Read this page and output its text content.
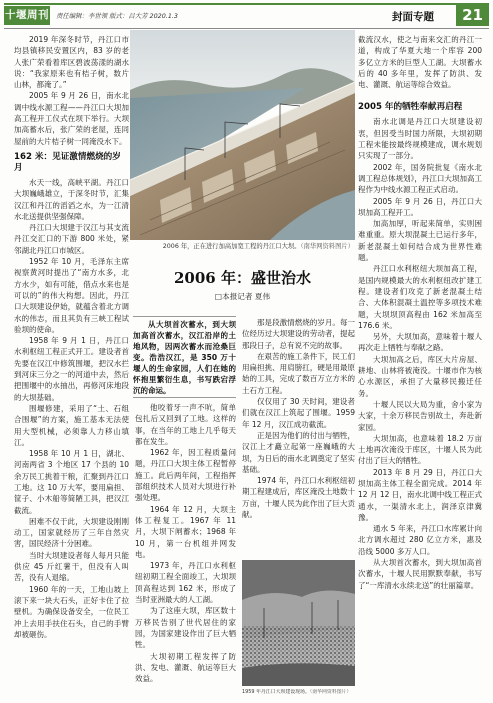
十堰周刊 责任编辑：李世领 版式：吕大芳 2020.1.3	封面专题	21

2019 年深冬时节，丹江口市均县镇移民安置区内，83 岁的老人张广荣看着库区碧波荡漾的湖水说：“我家原来也有桔子树，数片山林，都淹了。”

2005 年 9 月 26 日，南水北调中线水源工程——丹江口大坝加高工程开工仪式在坝下举行。大坝加高蓄水后，张广荣的老屋，连同屋前的大片桔子树一同淹没水下。

162 米：见证激情燃烧的岁月

水天一线，高峡平湖。丹江口大坝巍峨雄立，于深冬时节，汇集汉江和丹江的滔滔之水，为一江清水北送提供坚强保障。

丹江口大坝建于汉江与其支流丹江交汇口的下游 800 米处，紧邻湖北丹江口市城区。

1952 年 10 月，毛泽东主席视察黄河时提出了“南方水多，北方水少，如有可能，借点水来也是可以的”的伟大构想。因此，丹江口大坝建设伊始，就蕴含着北方调水的伟志，而且其负有三峡工程试验坝的使命。

1958 年 9 月 1 日，丹江口水利枢纽工程正式开工。建设者首先要在汉江中修筑围堰，把汉水拦到河床三分之一的河道中去，然后把围堰中的水抽出，再修河床地段的大坝基础。

围堰修建，采用了“土、石组合围堰”的方案，施工基本无法使用大型机械，必须靠人力移山填江。

1958 年 10 月 1 日，湖北、河南两省 3 个地区 17 个县的 10 余万民工挑着干粮，汇聚到丹江口工地。这 10 万大军，要用扁担、筐子、小木船等简陋工具，把汉江截流。

困难不仅于此，大坝建设刚刚动工，国家就经历了三年自然灾害，国民经济十分困难。

当时大坝建设者每人每月只能供应 45 斤红薯干，但没有人叫苦，没有人退缩。

1960 年的一天，工地山坡上滚下来一块大石头，正好卡住了拉壁机。为确保设备安全，一位民工冲上去用手扶住石头，自己的手臂却被砸伤。

2006 年，正在进行加高加宽工程的丹江口大坝。（南华网资料图片）
2006 年：盛世治水
□本报记者 夏伟

从大坝首次蓄水，到大坝加高首次蓄水，汉江沿岸的土地风物，因两次蓄水而沧桑巨变。浩浩汉江，是 350 万十堰人的生命家园，人们在她的怀抱里繁衍生息，书写跌宕浮沉的命运。

他咬着牙一声不吭，简单包扎后又回到了工地。这样的事，在当年的工地上几乎每天都在发生。

1962 年，因工程质量问题，丹江口大坝主体工程暂停施工。此后两年间，工程指挥部组织技术人员对大坝进行补强处理。

1964 年 12 月，大坝主体工程复工。1967 年 11 月，大坝下闸蓄水；1968 年 10 月，第一台机组并网发电。

1973 年，丹江口水利枢纽初期工程全面竣工，大坝坝顶高程达到 162 米，形成了当时亚洲最大的人工湖。

为了这座大坝，库区数十万移民告别了世代居住的家园，为国家建设作出了巨大牺牲。

大坝初期工程发挥了防洪、发电、灌溉、航运等巨大效益。

那是段激情燃烧的岁月。每一位经历过大坝建设的劳动者，提起那段日子，总有说不完的故事。

在艰苦的施工条件下，民工们用扁担挑、用肩膀扛，硬是用最原始的工具，完成了数百万立方米的土石方工程。

仅仅用了 30 天时间，建设者们就在汉江上筑起了围堰。1959 年 12 月，汉江成功截流。

正是因为他们的付出与牺牲，汉江上才矗立起第一座巍峨的大坝，为日后的南水北调奠定了坚实基础。

1974 年，丹江口水利枢纽初期工程建成后，库区淹没土地数十万亩，十堰人民为此作出了巨大贡献。

1959 年丹江口大坝建设现场。（南华网资料图片）

截流汉水，使之与南来交汇的丹江一道，构成了华夏大地一个库容 200 多亿立方米的巨型人工湖。大坝蓄水后的 40 多年里，发挥了防洪、发电、灌溉、航运等综合效益。

2005 年的牺牲奉献再启程

南水北调是丹江口大坝建设初衷，但因受当时国力所限，大坝初期工程未能按最终规模建成，调水规划只实现了一部分。

2002 年，国务院批复《南水北调工程总体规划》，丹江口大坝加高工程作为中线水源工程正式启动。

2005 年 9 月 26 日，丹江口大坝加高工程开工。

加高加厚，听起来简单，实则困难重重。原大坝混凝土已运行多年，新老混凝土如何结合成为世界性难题。

丹江口水利枢纽大坝加高工程，是国内规模最大的水利枢纽改扩建工程。建设者们攻克了新老混凝土结合、大体积混凝土温控等多项技术难题，大坝坝顶高程由 162 米加高至 176.6 米。

另外，大坝加高，意味着十堰人再次走上牺牲与奉献之路。

大坝加高之后，库区大片房屋、耕地、山林将被淹没。十堰市作为核心水源区，承担了大量移民搬迁任务。

十堰人民以大局为重，舍小家为大家，十余万移民告别故土，奔赴新家园。

大坝加高，也意味着 18.2 万亩土地再次淹没于库区，十堰人民为此付出了巨大的牺牲。

2013 年 8 月 29 日，丹江口大坝加高主体工程全面完成。2014 年 12 月 12 日，南水北调中线工程正式通水，一渠清水北上，润泽京津冀豫。

通水 5 年来，丹江口水库累计向北方调水超过 280 亿立方米，惠及沿线 5000 多万人口。

从大坝首次蓄水，到大坝加高首次蓄水，十堰人民用默默奉献，书写了“一库清水永续北送”的壮丽篇章。
